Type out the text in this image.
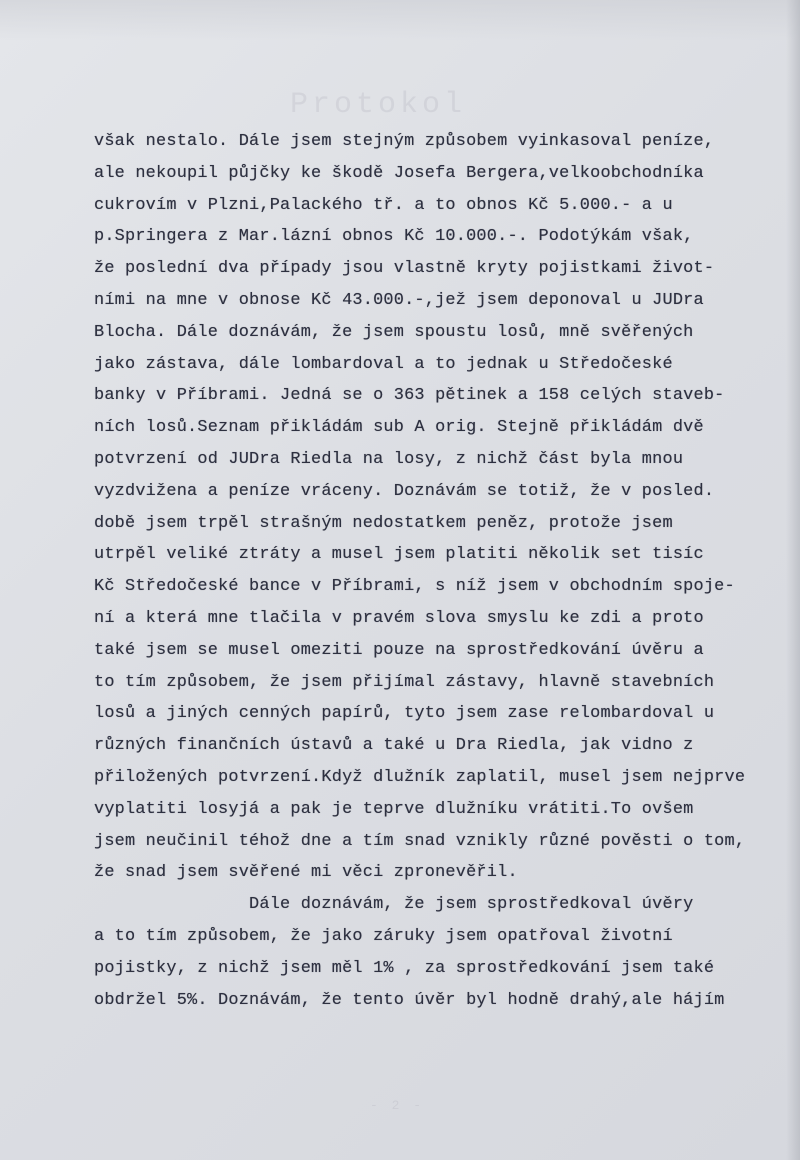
Protokol
- 2 -
však nestalo. Dále jsem stejným způsobem vyinkasoval peníze,
ale nekoupil půjčky ke škodě Josefa Bergera,velkoobchodníka
cukrovím v Plzni,Palackého tř. a to obnos Kč 5.000.- a u
p.Springera z Mar.lázní obnos Kč 10.000.-. Podotýkám však,
že poslední dva případy jsou vlastně kryty pojistkami život-
ními na mne v obnose Kč 43.000.-,jež jsem deponoval u JUDra
Blocha. Dále doznávám, že jsem spoustu losů, mně svěřených
jako zástava, dále lombardoval a to jednak u Středočeské
banky v Příbrami. Jedná se o 363 pětinek a 158 celých staveb-
ních losů.Seznam přikládám sub A orig. Stejně přikládám dvě
potvrzení od JUDra Riedla na losy, z nichž část byla mnou
vyzdvižena a peníze vráceny. Doznávám se totiž, že v posled.
době jsem trpěl strašným nedostatkem peněz, protože jsem
utrpěl veliké ztráty a musel jsem platiti několik set tisíc
Kč Středočeské bance v Příbrami, s níž jsem v obchodním spoje-
ní a která mne tlačila v pravém slova smyslu ke zdi a proto
také jsem se musel omeziti pouze na sprostředkování úvěru a
to tím způsobem, že jsem přijímal zástavy, hlavně stavebních
losů a jiných cenných papírů, tyto jsem zase relombardoval u
různých finančních ústavů a také u Dra Riedla, jak vidno z
přiložených potvrzení.Když dlužník zaplatil, musel jsem nejprve
vyplatiti losyjá a pak je teprve dlužníku vrátiti.To ovšem
jsem neučinil téhož dne a tím snad vznikly různé pověsti o tom,
že snad jsem svěřené mi věci zpronevěřil.
Dále doznávám, že jsem sprostředkoval úvěry
a to tím způsobem, že jako záruky jsem opatřoval životní
pojistky, z nichž jsem měl 1% , za sprostředkování jsem také
obdržel 5%. Doznávám, že tento úvěr byl hodně drahý,ale hájím
